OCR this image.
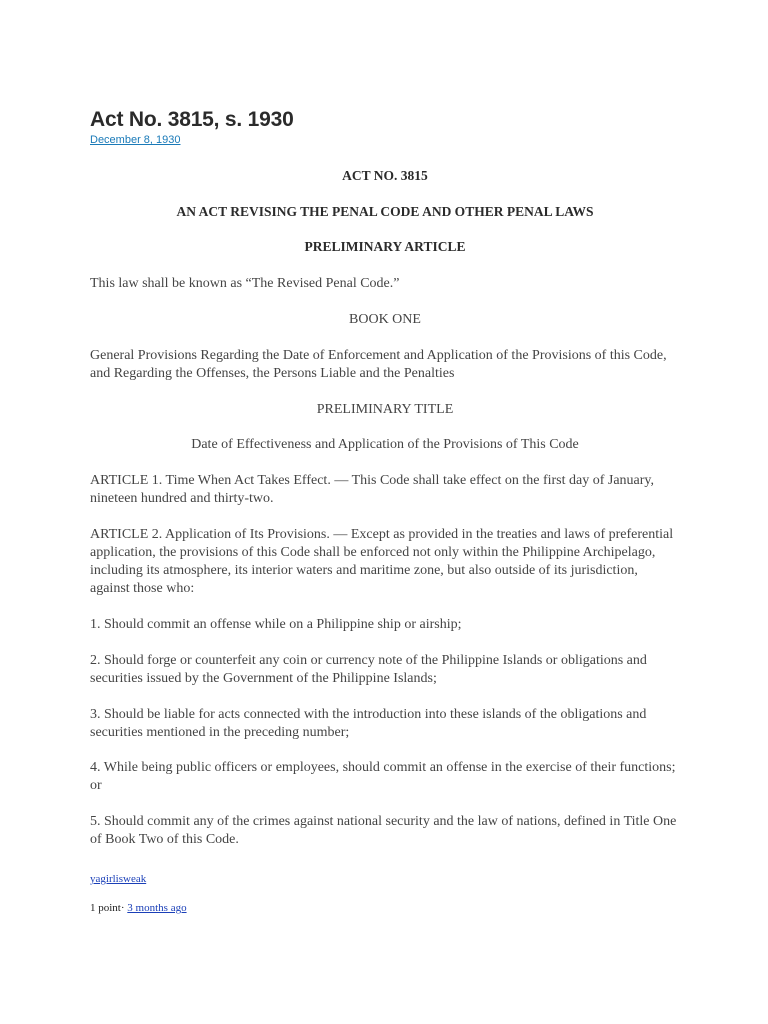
Act No. 3815, s. 1930
December 8, 1930

ACT NO. 3815

AN ACT REVISING THE PENAL CODE AND OTHER PENAL LAWS

PRELIMINARY ARTICLE

This law shall be known as “The Revised Penal Code.”

BOOK ONE

General Provisions Regarding the Date of Enforcement and Application of the Provisions of this Code, and Regarding the Offenses, the Persons Liable and the Penalties

PRELIMINARY TITLE

Date of Effectiveness and Application of the Provisions of This Code

ARTICLE 1. Time When Act Takes Effect. — This Code shall take effect on the first day of January, nineteen hundred and thirty-two.

ARTICLE 2. Application of Its Provisions. — Except as provided in the treaties and laws of preferential application, the provisions of this Code shall be enforced not only within the Philippine Archipelago, including its atmosphere, its interior waters and maritime zone, but also outside of its jurisdiction, against those who:

1. Should commit an offense while on a Philippine ship or airship;

2. Should forge or counterfeit any coin or currency note of the Philippine Islands or obligations and securities issued by the Government of the Philippine Islands;

3. Should be liable for acts connected with the introduction into these islands of the obligations and securities mentioned in the preceding number;

4. While being public officers or employees, should commit an offense in the exercise of their functions; or

5. Should commit any of the crimes against national security and the law of nations, defined in Title One of Book Two of this Code.

yagirlisweak
1 point· 3 months ago
